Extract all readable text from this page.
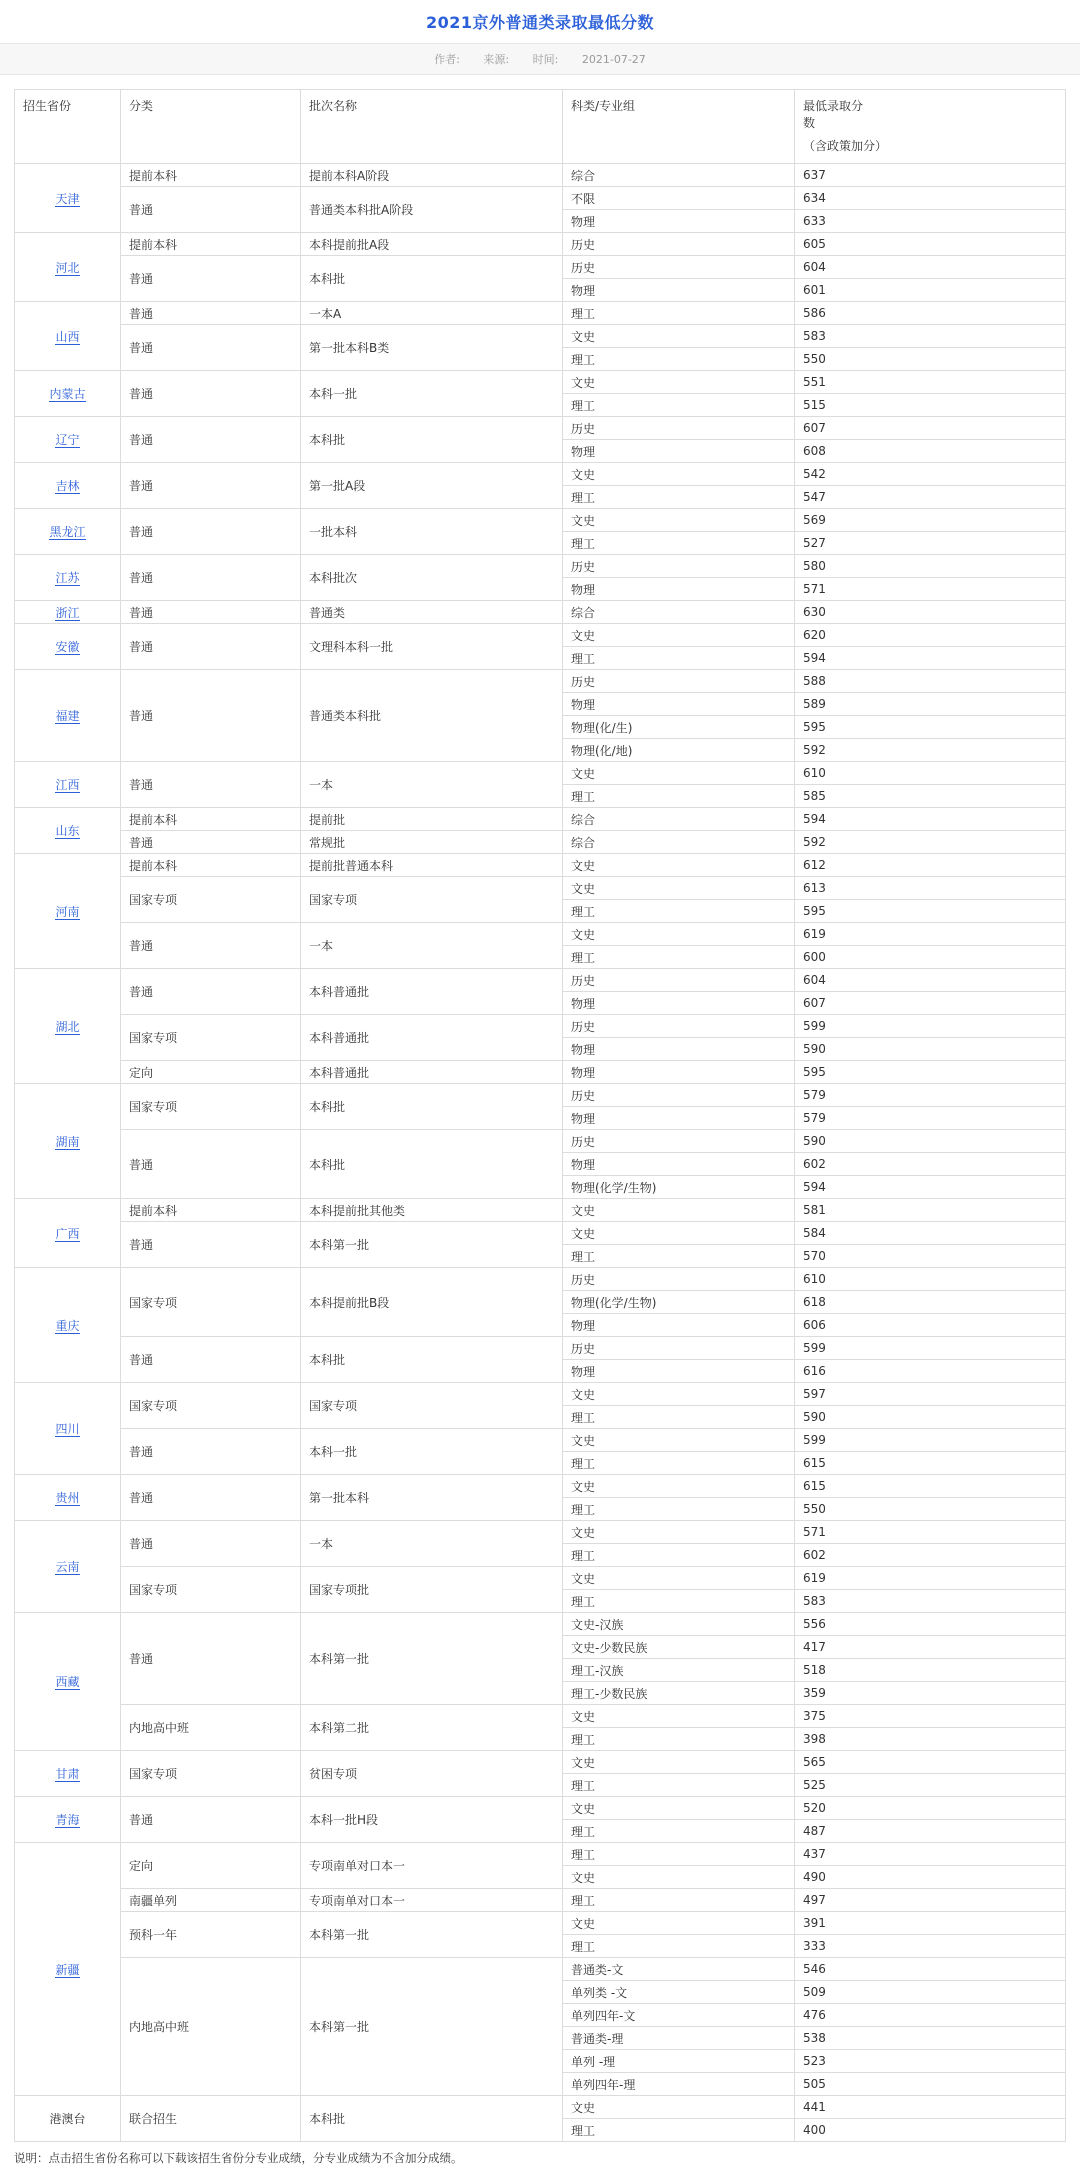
2021京外普通类录取最低分数
作者: 来源: 时间: 2021-07-27
招生省份	分类	批次名称	科类/专业组	最低录取分
数
（含政策加分）

天津	提前本科	提前本科A阶段	综合	637
	普通	普通类本科批A阶段	不限	634
			物理	633
河北	提前本科	本科提前批A段	历史	605
	普通	本科批	历史	604
			物理	601
山西	普通	一本A	理工	586
	普通	第一批本科B类	文史	583
			理工	550
内蒙古	普通	本科一批	文史	551
			理工	515
辽宁	普通	本科批	历史	607
			物理	608
吉林	普通	第一批A段	文史	542
			理工	547
黑龙江	普通	一批本科	文史	569
			理工	527
江苏	普通	本科批次	历史	580
			物理	571
浙江	普通	普通类	综合	630
安徽	普通	文理科本科一批	文史	620
			理工	594
福建	普通	普通类本科批	历史	588
			物理	589
			物理(化/生)	595
			物理(化/地)	592
江西	普通	一本	文史	610
			理工	585
山东	提前本科	提前批	综合	594
	普通	常规批	综合	592
河南	提前本科	提前批普通本科	文史	612
	国家专项	国家专项	文史	613
			理工	595
	普通	一本	文史	619
			理工	600
湖北	普通	本科普通批	历史	604
			物理	607
	国家专项	本科普通批	历史	599
			物理	590
	定向	本科普通批	物理	595
湖南	国家专项	本科批	历史	579
			物理	579
	普通	本科批	历史	590
			物理	602
			物理(化学/生物)	594
广西	提前本科	本科提前批其他类	文史	581
	普通	本科第一批	文史	584
			理工	570
重庆	国家专项	本科提前批B段	历史	610
			物理(化学/生物)	618
			物理	606
	普通	本科批	历史	599
			物理	616
四川	国家专项	国家专项	文史	597
			理工	590
	普通	本科一批	文史	599
			理工	615
贵州	普通	第一批本科	文史	615
			理工	550
云南	普通	一本	文史	571
			理工	602
	国家专项	国家专项批	文史	619
			理工	583
西藏	普通	本科第一批	文史-汉族	556
			文史-少数民族	417
			理工-汉族	518
			理工-少数民族	359
	内地高中班	本科第二批	文史	375
			理工	398
甘肃	国家专项	贫困专项	文史	565
			理工	525
青海	普通	本科一批H段	文史	520
			理工	487
新疆	定向	专项南单对口本一	理工	437
			文史	490
	南疆单列	专项南单对口本一	理工	497
	预科一年	本科第一批	文史	391
			理工	333
	内地高中班	本科第一批	普通类-文	546
			单列类 -文	509
			单列四年-文	476
			普通类-理	538
			单列 -理	523
			单列四年-理	505
港澳台	联合招生	本科批	文史	441
			理工	400
说明：点击招生省份名称可以下载该招生省份分专业成绩，分专业成绩为不含加分成绩。
